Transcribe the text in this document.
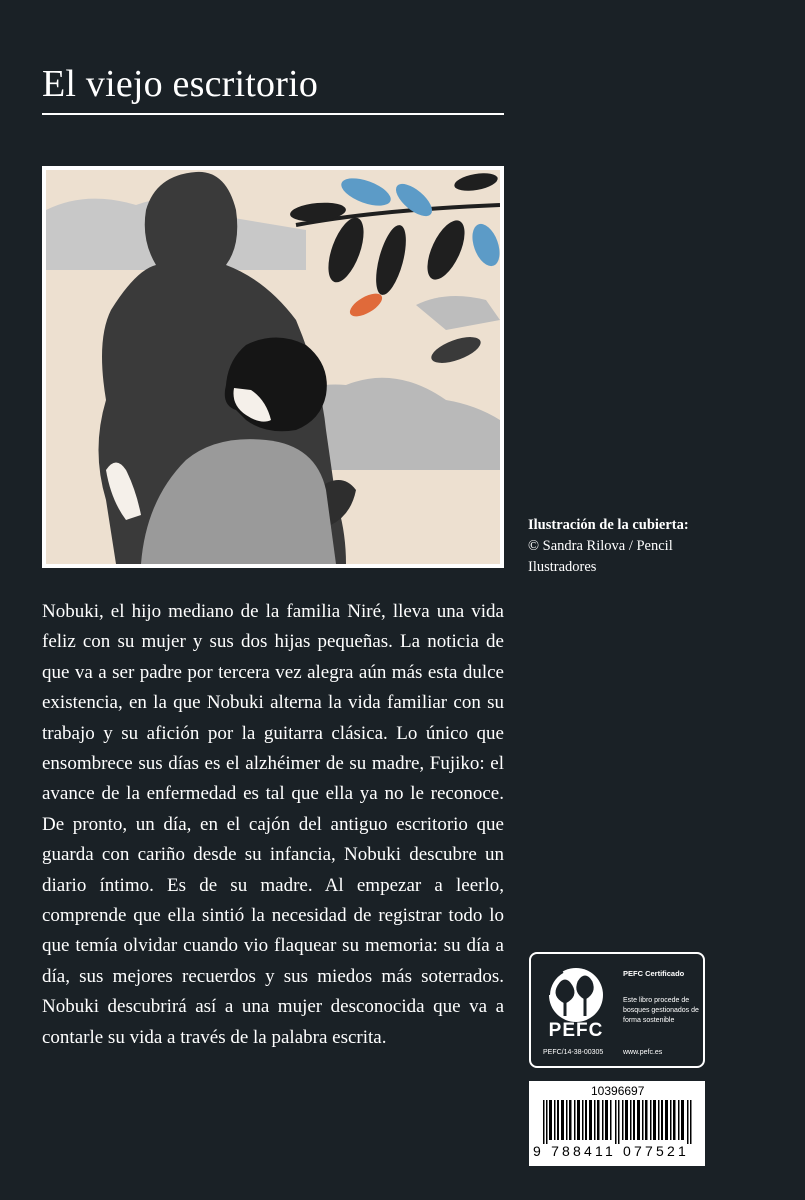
El viejo escritorio
Ilustración de la cubierta:
© Sandra Rilova / Pencil
Ilustradores

Nobuki, el hijo mediano de la familia Niré, lleva una vida feliz con su mujer y sus dos hijas pequeñas. La noticia de que va a ser padre por tercera vez alegra aún más esta dulce existencia, en la que Nobuki alterna la vida familiar con su trabajo y su afición por la guitarra clásica. Lo único que ensombrece sus días es el alzhéimer de su madre, Fujiko: el avance de la enfermedad es tal que ella ya no le reconoce. De pronto, un día, en el cajón del antiguo escritorio que guarda con cariño desde su infancia, Nobuki descubre un diario íntimo. Es de su madre. Al empezar a leerlo, comprende que ella sintió la necesidad de registrar todo lo que temía olvidar cuando vio flaquear su memoria: su día a día, sus mejores recuerdos y sus miedos más soterrados. Nobuki descubrirá así a una mujer desconocida que va a contarle su vida a través de la palabra escrita.	PEFC
PEFC Certificado
Este libro procede de bosques gestionados de forma sostenible
PEFC/14-38-00305	www.pefc.es
10396697
9 788411 077521
